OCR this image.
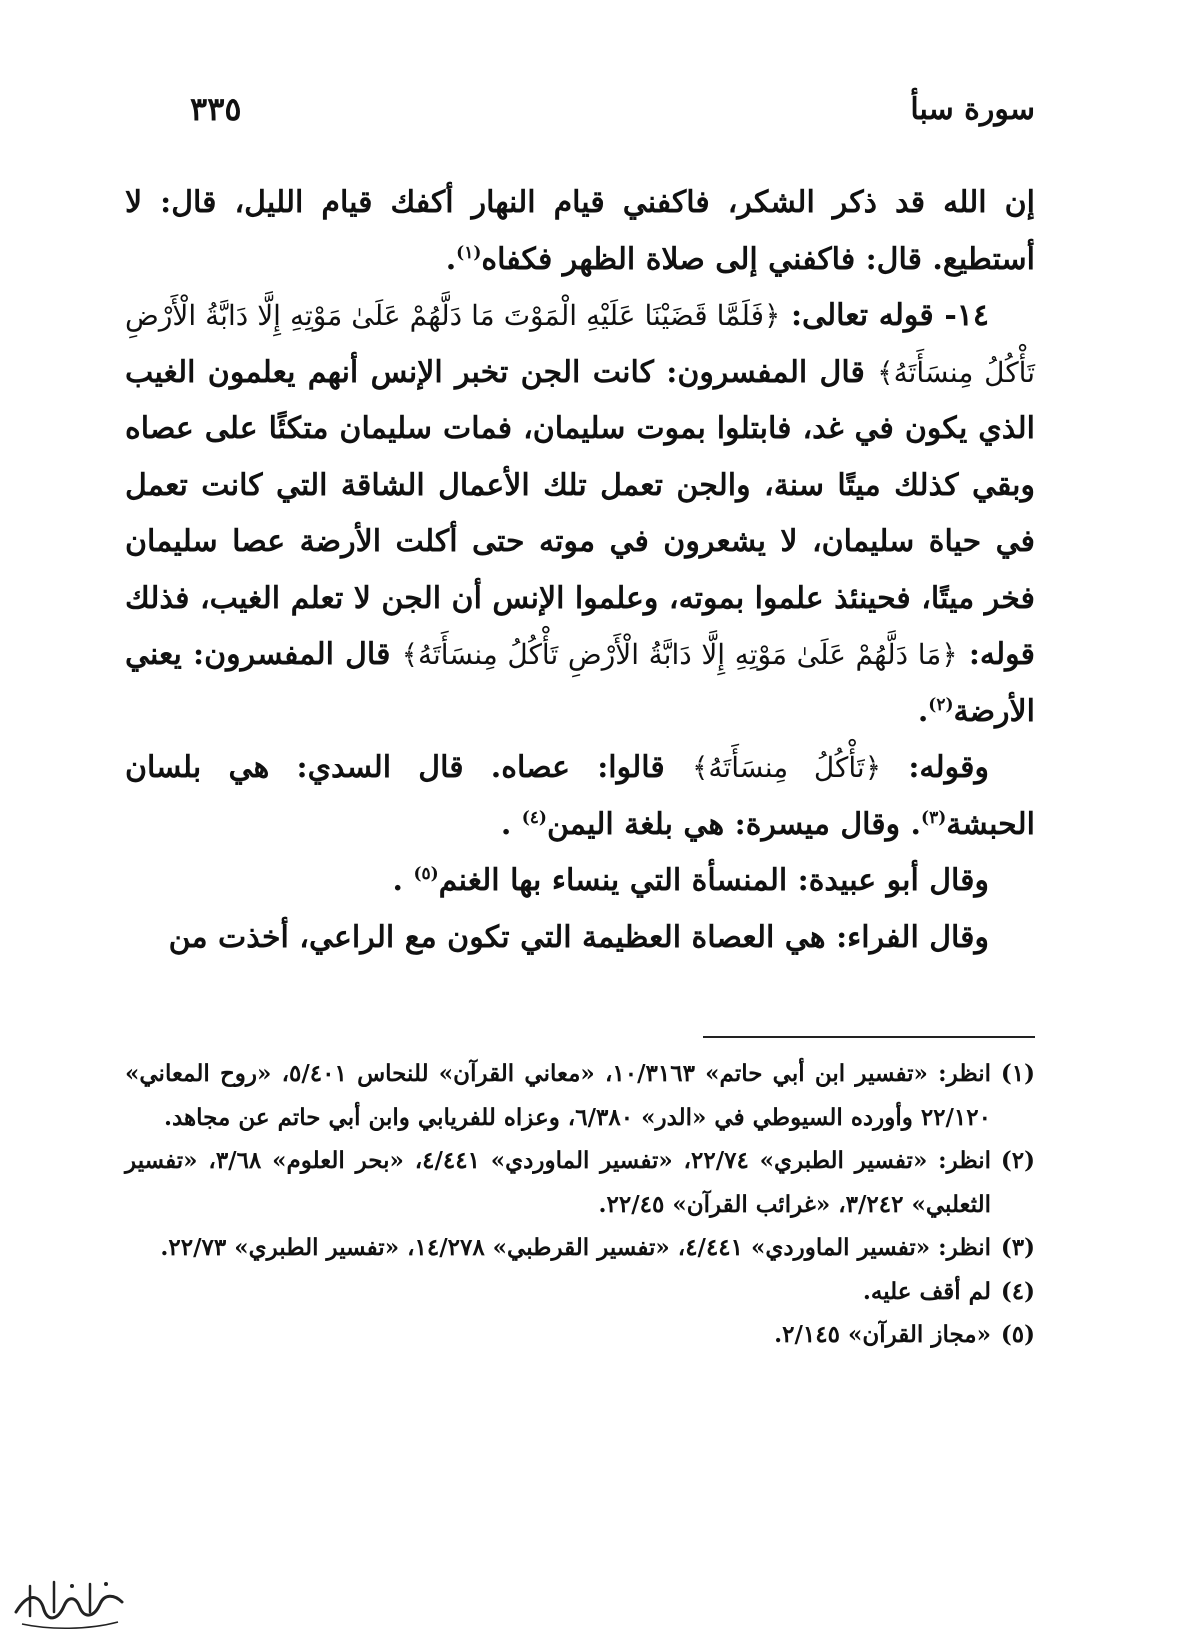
سورة سبأ
٣٣٥

إن الله قد ذكر الشكر، فاكفني قيام النهار أكفك قيام الليل، قال: لا أستطيع. قال: فاكفني إلى صلاة الظهر فكفاه$^{(١)}$.

١٤- قوله تعالى: ﴿فَلَمَّا قَضَيْنَا عَلَيْهِ الْمَوْتَ مَا دَلَّهُمْ عَلَىٰ مَوْتِهِ إِلَّا دَابَّةُ الْأَرْضِ تَأْكُلُ مِنسَأَتَهُ﴾ قال المفسرون: كانت الجن تخبر الإنس أنهم يعلمون الغيب الذي يكون في غد، فابتلوا بموت سليمان، فمات سليمان متكئًا على عصاه وبقي كذلك ميتًا سنة، والجن تعمل تلك الأعمال الشاقة التي كانت تعمل في حياة سليمان، لا يشعرون في موته حتى أكلت الأرضة عصا سليمان فخر ميتًا، فحينئذ علموا بموته، وعلموا الإنس أن الجن لا تعلم الغيب، فذلك قوله: ﴿مَا دَلَّهُمْ عَلَىٰ مَوْتِهِ إِلَّا دَابَّةُ الْأَرْضِ تَأْكُلُ مِنسَأَتَهُ﴾ قال المفسرون: يعني الأرضة$^{(٢)}$.

وقوله: ﴿تَأْكُلُ مِنسَأَتَهُ﴾ قالوا: عصاه. قال السدي: هي بلسان الحبشة$^{(٣)}$. وقال ميسرة: هي بلغة اليمن$^{(٤)}$ .

وقال أبو عبيدة: المنسأة التي ينساء بها الغنم$^{(٥)}$ .

وقال الفراء: هي العصاة العظيمة التي تكون مع الراعي، أخذت من

(١)
انظر: «تفسير ابن أبي حاتم» ١٠/٣١٦٣، «معاني القرآن» للنحاس ٥/٤٠١، «روح المعاني» ٢٢/١٢٠ وأورده السيوطي في «الدر» ٦/٣٨٠، وعزاه للفريابي وابن أبي حاتم عن مجاهد.
(٢)
انظر: «تفسير الطبري» ٢٢/٧٤، «تفسير الماوردي» ٤/٤٤١، «بحر العلوم» ٣/٦٨، «تفسير الثعلبي» ٣/٢٤٢، «غرائب القرآن» ٢٢/٤٥.
(٣)
انظر: «تفسير الماوردي» ٤/٤٤١، «تفسير القرطبي» ١٤/٢٧٨، «تفسير الطبري» ٢٢/٧٣.
(٤)
لم أقف عليه.
(٥)
«مجاز القرآن» ٢/١٤٥.
